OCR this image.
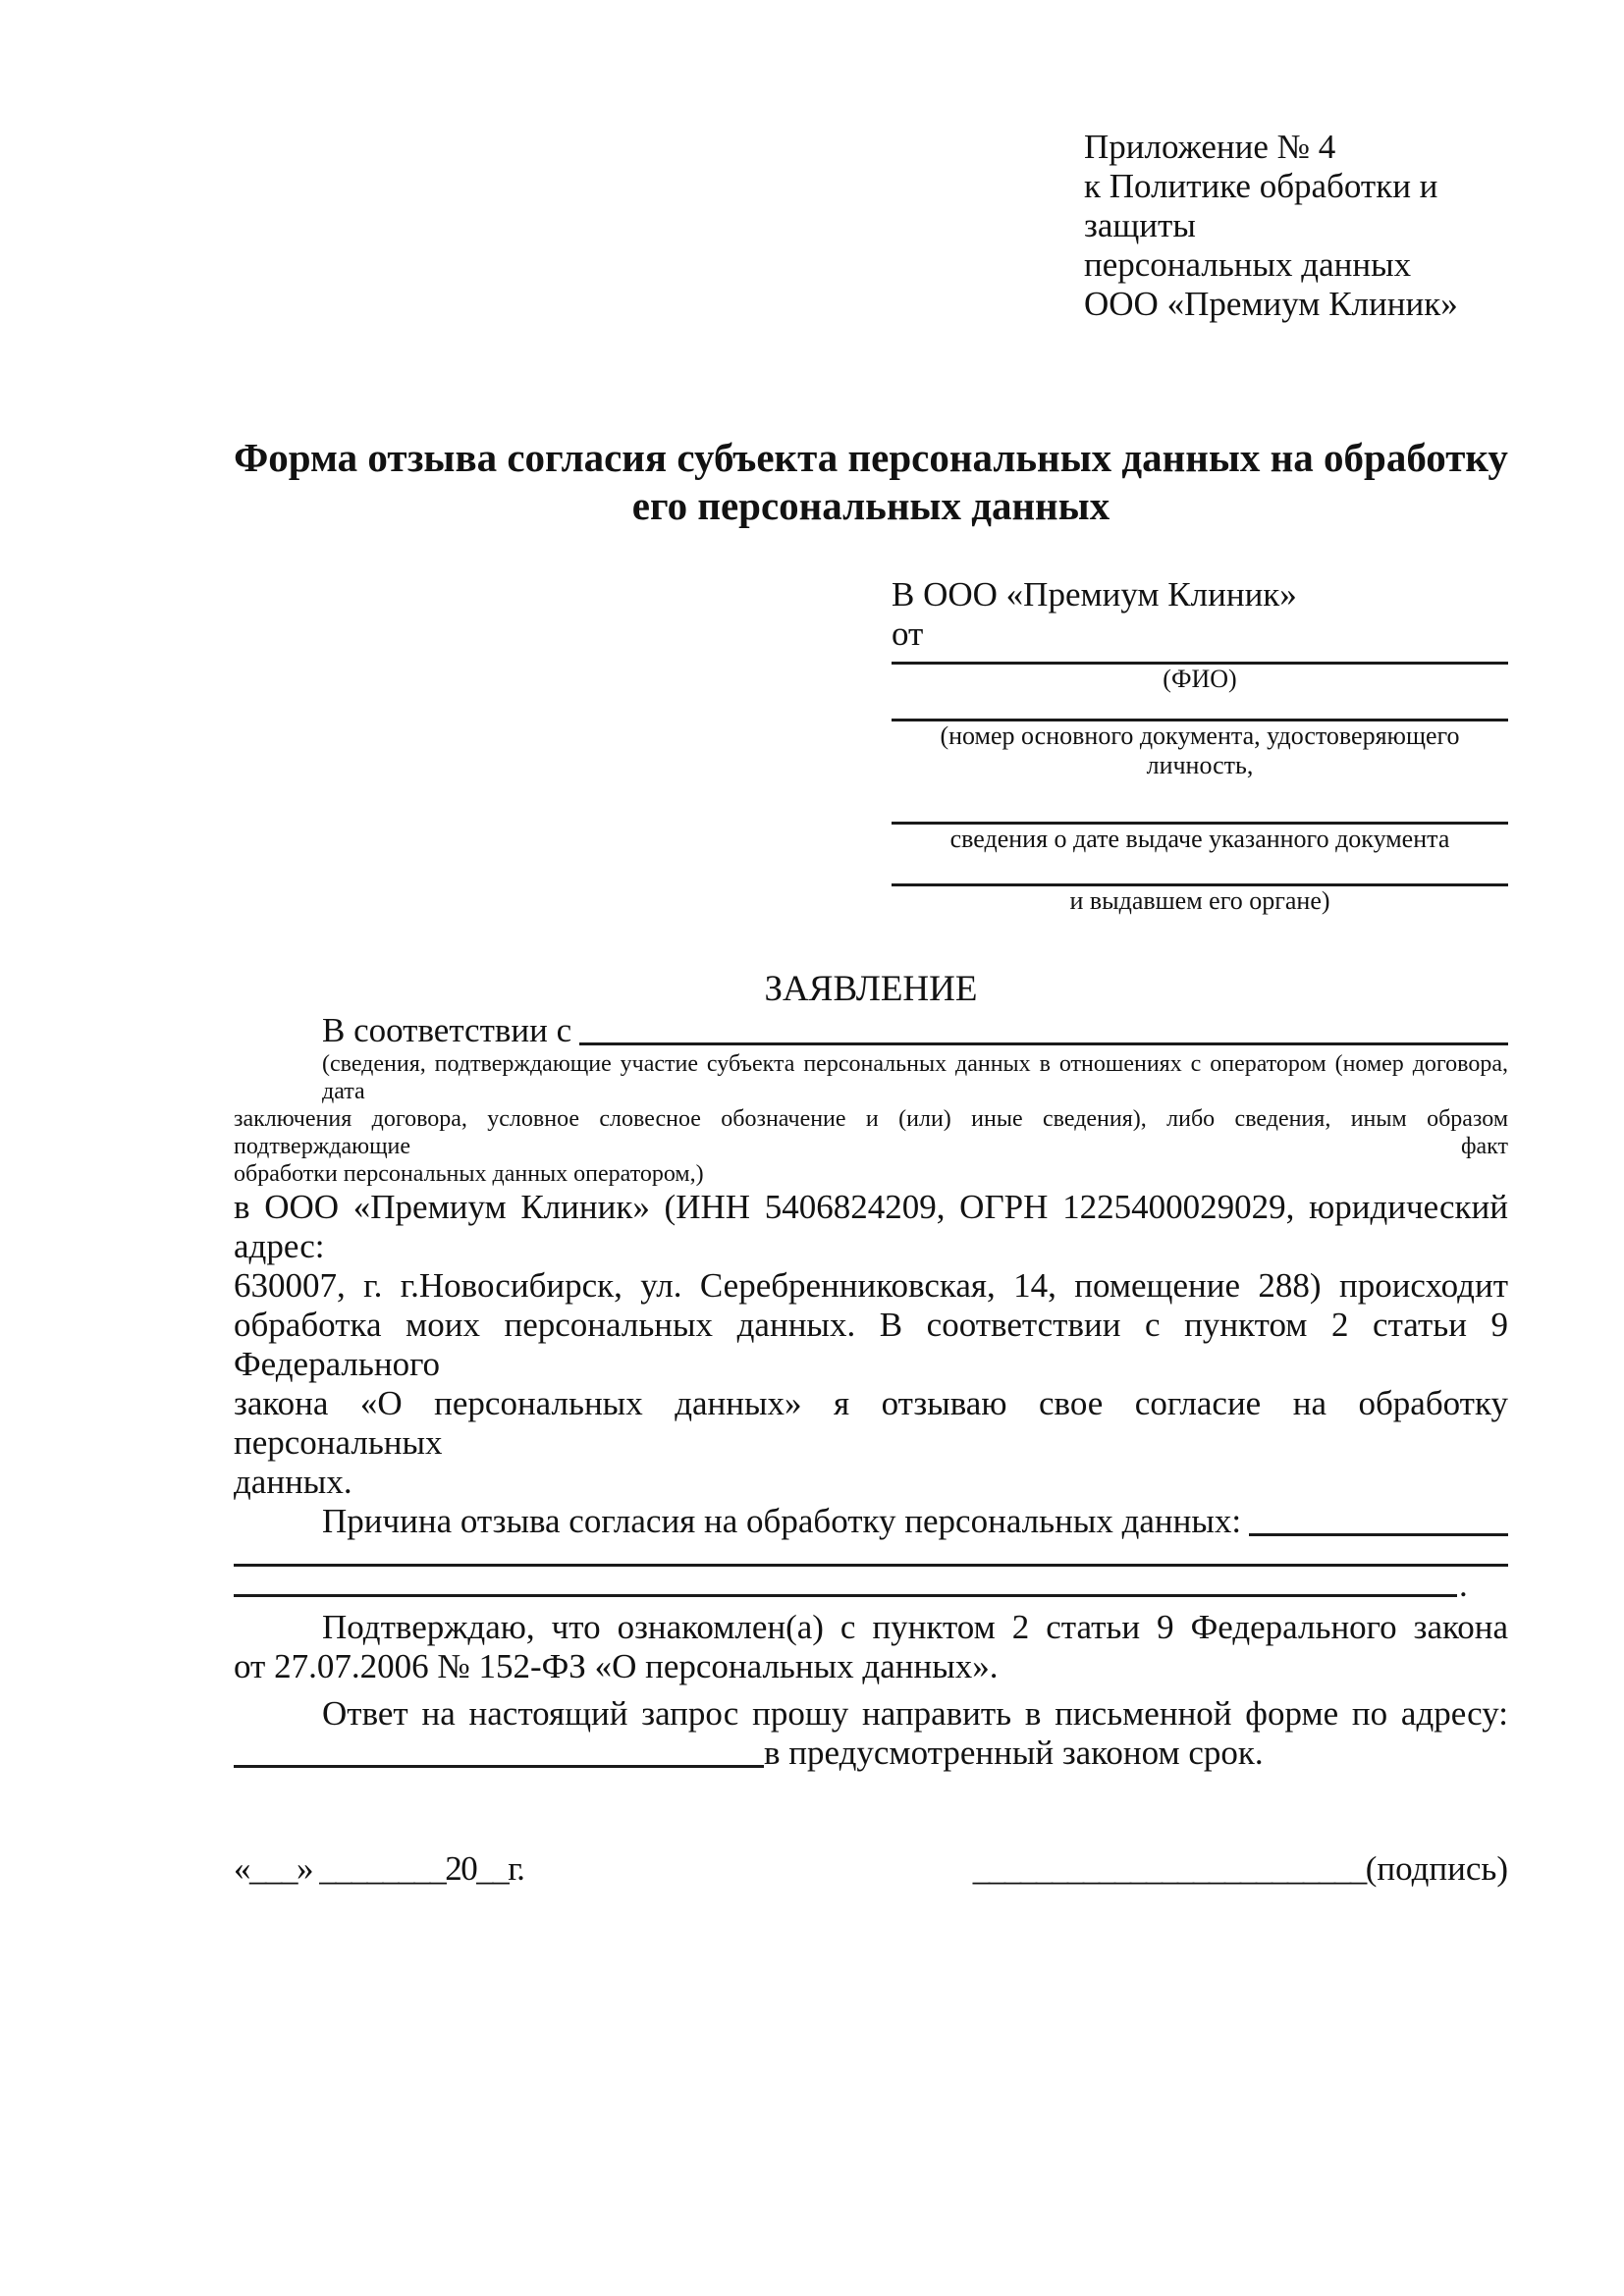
Приложение № 4
к Политике обработки и защиты
персональных данных
ООО «Премиум Клиник»
Форма отзыва согласия субъекта персональных данных на обработку
его персональных данных
В ООО «Премиум Клиник»
от
(ФИО)
(номер основного документа, удостоверяющего личность,
сведения о дате выдаче указанного документа
и выдавшем его органе)
ЗАЯВЛЕНИЕ
В соответствии с
(сведения, подтверждающие участие субъекта персональных данных в отношениях с оператором (номер договора, дата
заключения договора, условное словесное обозначение и (или) иные сведения), либо сведения, иным образом подтверждающие факт
обработки персональных данных оператором,)
в ООО «Премиум Клиник» (ИНН 5406824209, ОГРН 1225400029029, юридический адрес:
630007, г. г.Новосибирск, ул. Серебренниковская, 14, помещение 288) происходит
обработка моих персональных данных. В соответствии с пунктом 2 статьи 9 Федерального
закона «О персональных данных» я отзываю свое согласие на обработку персональных
данных.
Причина отзыва согласия на обработку персональных данных:
.
Подтверждаю, что ознакомлен(а) с пунктом 2 статьи 9 Федерального закона
от 27.07.2006 № 152-ФЗ «О персональных данных».
Ответ на настоящий запрос прошу направить в письменной форме по адресу:
в предусмотренный законом срок.
«___» ________20__г.	_________________________(подпись)
